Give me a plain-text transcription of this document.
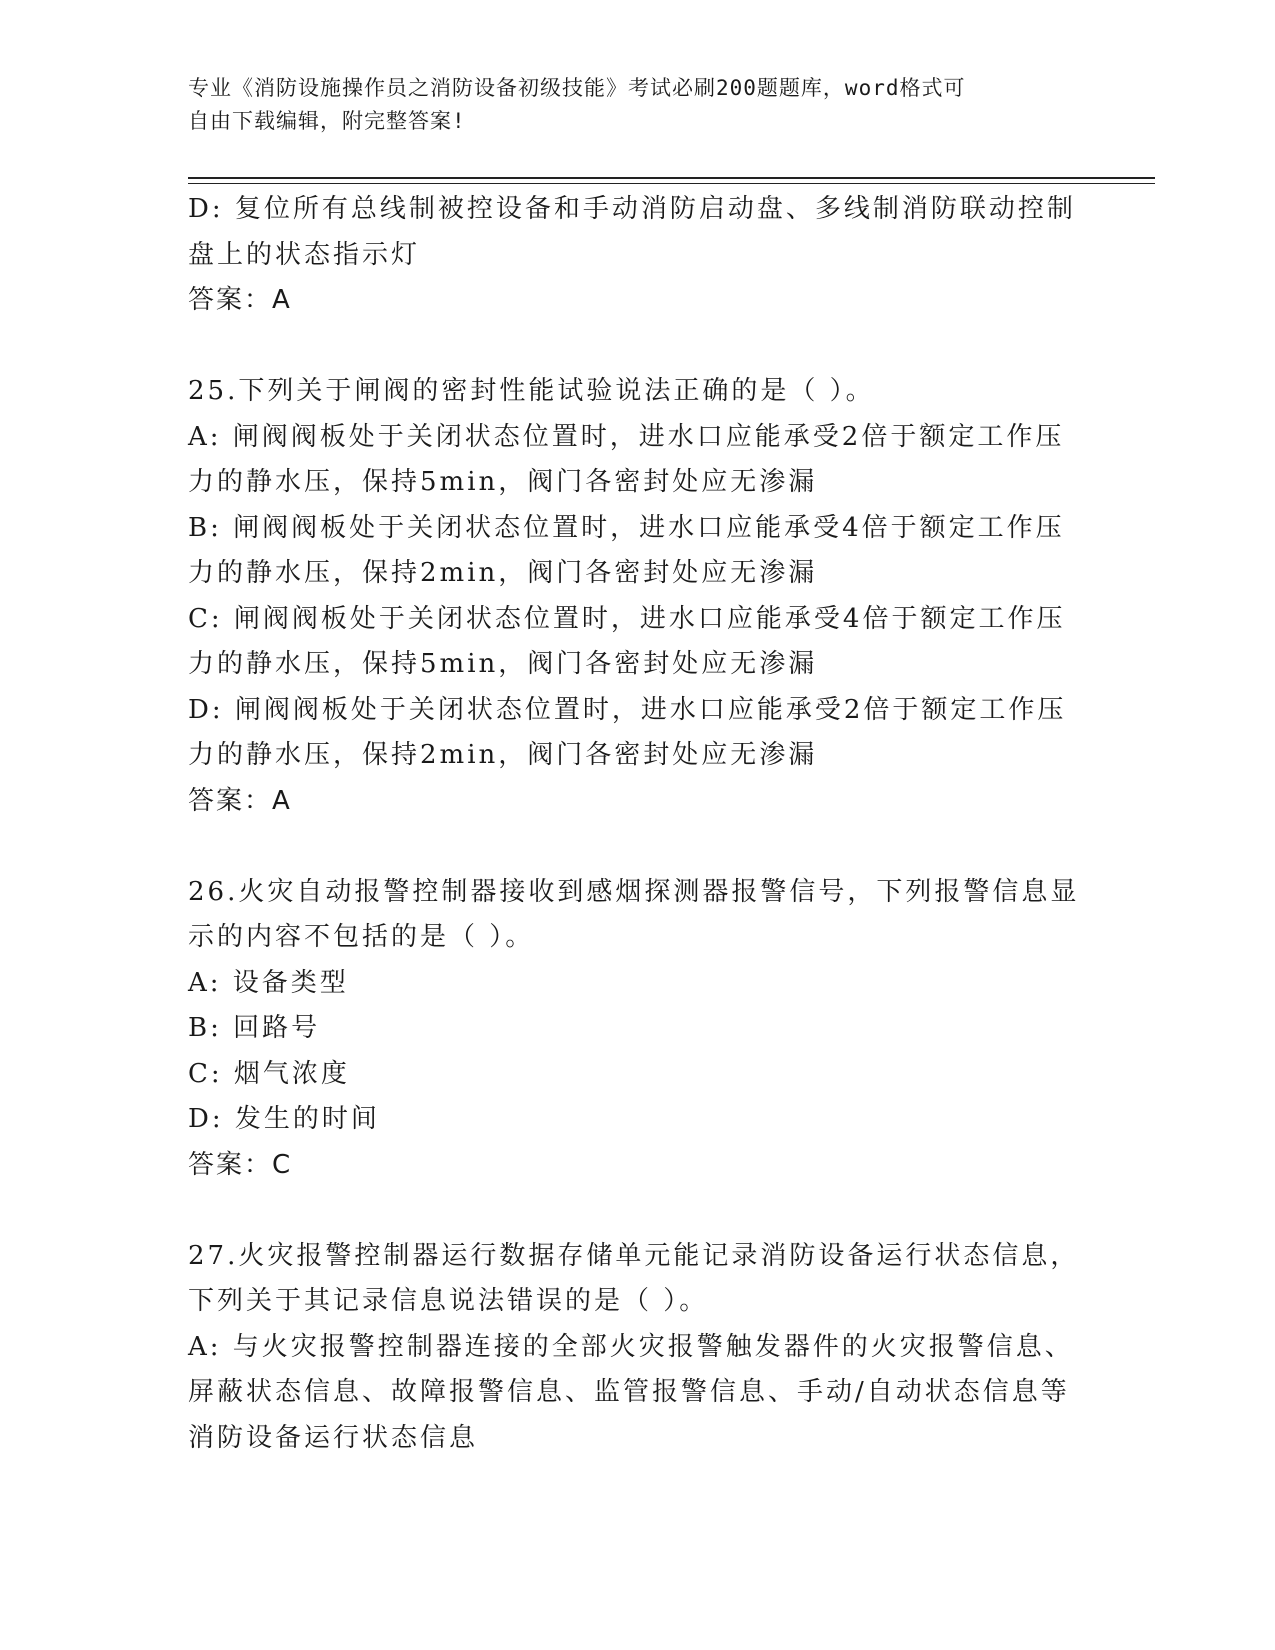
专业《消防设施操作员之消防设备初级技能》考试必刷200题题库，word格式可
自由下载编辑，附完整答案!
D: 复位所有总线制被控设备和手动消防启动盘、多线制消防联动控制
盘上的状态指示灯
答案：A
25.下列关于闸阀的密封性能试验说法正确的是（ ）。
A: 闸阀阀板处于关闭状态位置时，进水口应能承受2倍于额定工作压
力的静水压，保持5min，阀门各密封处应无渗漏
B: 闸阀阀板处于关闭状态位置时，进水口应能承受4倍于额定工作压
力的静水压，保持2min，阀门各密封处应无渗漏
C: 闸阀阀板处于关闭状态位置时，进水口应能承受4倍于额定工作压
力的静水压，保持5min，阀门各密封处应无渗漏
D: 闸阀阀板处于关闭状态位置时，进水口应能承受2倍于额定工作压
力的静水压，保持2min，阀门各密封处应无渗漏
答案：A
26.火灾自动报警控制器接收到感烟探测器报警信号，下列报警信息显
示的内容不包括的是（ ）。
A: 设备类型
B: 回路号
C: 烟气浓度
D: 发生的时间
答案：C
27.火灾报警控制器运行数据存储单元能记录消防设备运行状态信息，
下列关于其记录信息说法错误的是（ ）。
A: 与火灾报警控制器连接的全部火灾报警触发器件的火灾报警信息、
屏蔽状态信息、故障报警信息、监管报警信息、手动/自动状态信息等
消防设备运行状态信息
